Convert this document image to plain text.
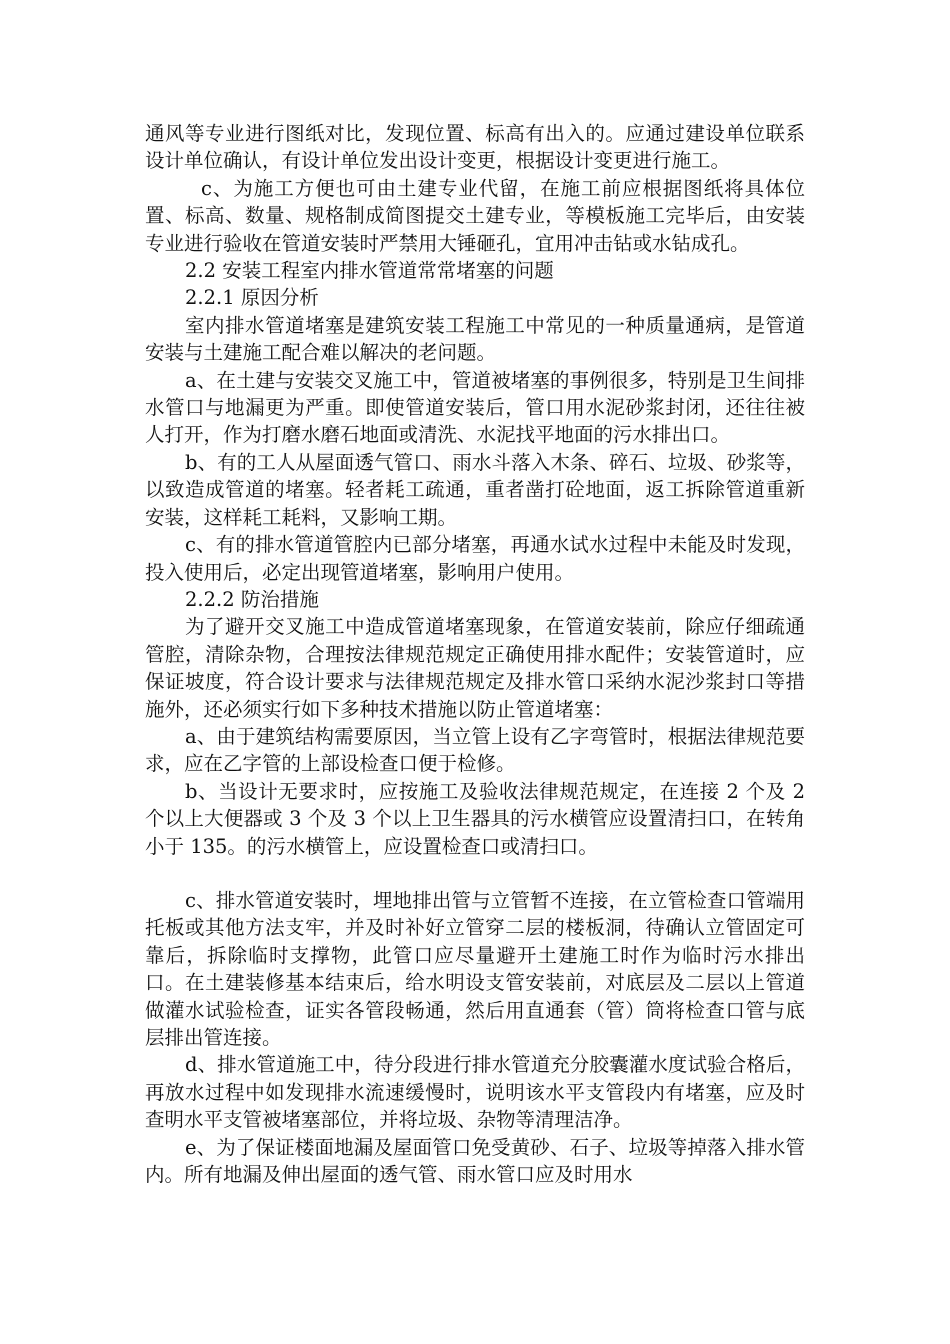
通风等专业进行图纸对比，发现位置、标高有出入的。应通过建设单位联系设计单位确认，有设计单位发出设计变更，根据设计变更进行施工。

c、为施工方便也可由土建专业代留，在施工前应根据图纸将具体位置、标高、数量、规格制成简图提交土建专业，等模板施工完毕后，由安装专业进行验收在管道安装时严禁用大锤砸孔，宜用冲击钻或水钻成孔。

2.2 安装工程室内排水管道常常堵塞的问题

2.2.1 原因分析

室内排水管道堵塞是建筑安装工程施工中常见的一种质量通病，是管道安装与土建施工配合难以解决的老问题。

a、在土建与安装交叉施工中，管道被堵塞的事例很多，特别是卫生间排水管口与地漏更为严重。即使管道安装后，管口用水泥砂浆封闭，还往往被人打开，作为打磨水磨石地面或清洗、水泥找平地面的污水排出口。

b、有的工人从屋面透气管口、雨水斗落入木条、碎石、垃圾、砂浆等，以致造成管道的堵塞。轻者耗工疏通，重者凿打砼地面，返工拆除管道重新安装，这样耗工耗料，又影响工期。

c、有的排水管道管腔内已部分堵塞，再通水试水过程中未能及时发现，投入使用后，必定出现管道堵塞，影响用户使用。

2.2.2 防治措施

为了避开交叉施工中造成管道堵塞现象，在管道安装前，除应仔细疏通管腔，清除杂物，合理按法律规范规定正确使用排水配件；安装管道时，应保证坡度，符合设计要求与法律规范规定及排水管口采纳水泥沙浆封口等措施外，还必须实行如下多种技术措施以防止管道堵塞：

a、由于建筑结构需要原因，当立管上设有乙字弯管时，根据法律规范要求，应在乙字管的上部设检查口便于检修。

b、当设计无要求时，应按施工及验收法律规范规定，在连接 2 个及 2 个以上大便器或 3 个及 3 个以上卫生器具的污水横管应设置清扫口，在转角小于 135。的污水横管上，应设置检查口或清扫口。

c、排水管道安装时，埋地排出管与立管暂不连接，在立管检查口管端用托板或其他方法支牢，并及时补好立管穿二层的楼板洞，待确认立管固定可靠后，拆除临时支撑物，此管口应尽量避开土建施工时作为临时污水排出口。在土建装修基本结束后，给水明设支管安装前，对底层及二层以上管道做灌水试验检查，证实各管段畅通，然后用直通套（管）筒将检查口管与底层排出管连接。

d、排水管道施工中，待分段进行排水管道充分胶囊灌水度试验合格后，再放水过程中如发现排水流速缓慢时，说明该水平支管段内有堵塞，应及时查明水平支管被堵塞部位，并将垃圾、杂物等清理洁净。

e、为了保证楼面地漏及屋面管口免受黄砂、石子、垃圾等掉落入排水管内。所有地漏及伸出屋面的透气管、雨水管口应及时用水
